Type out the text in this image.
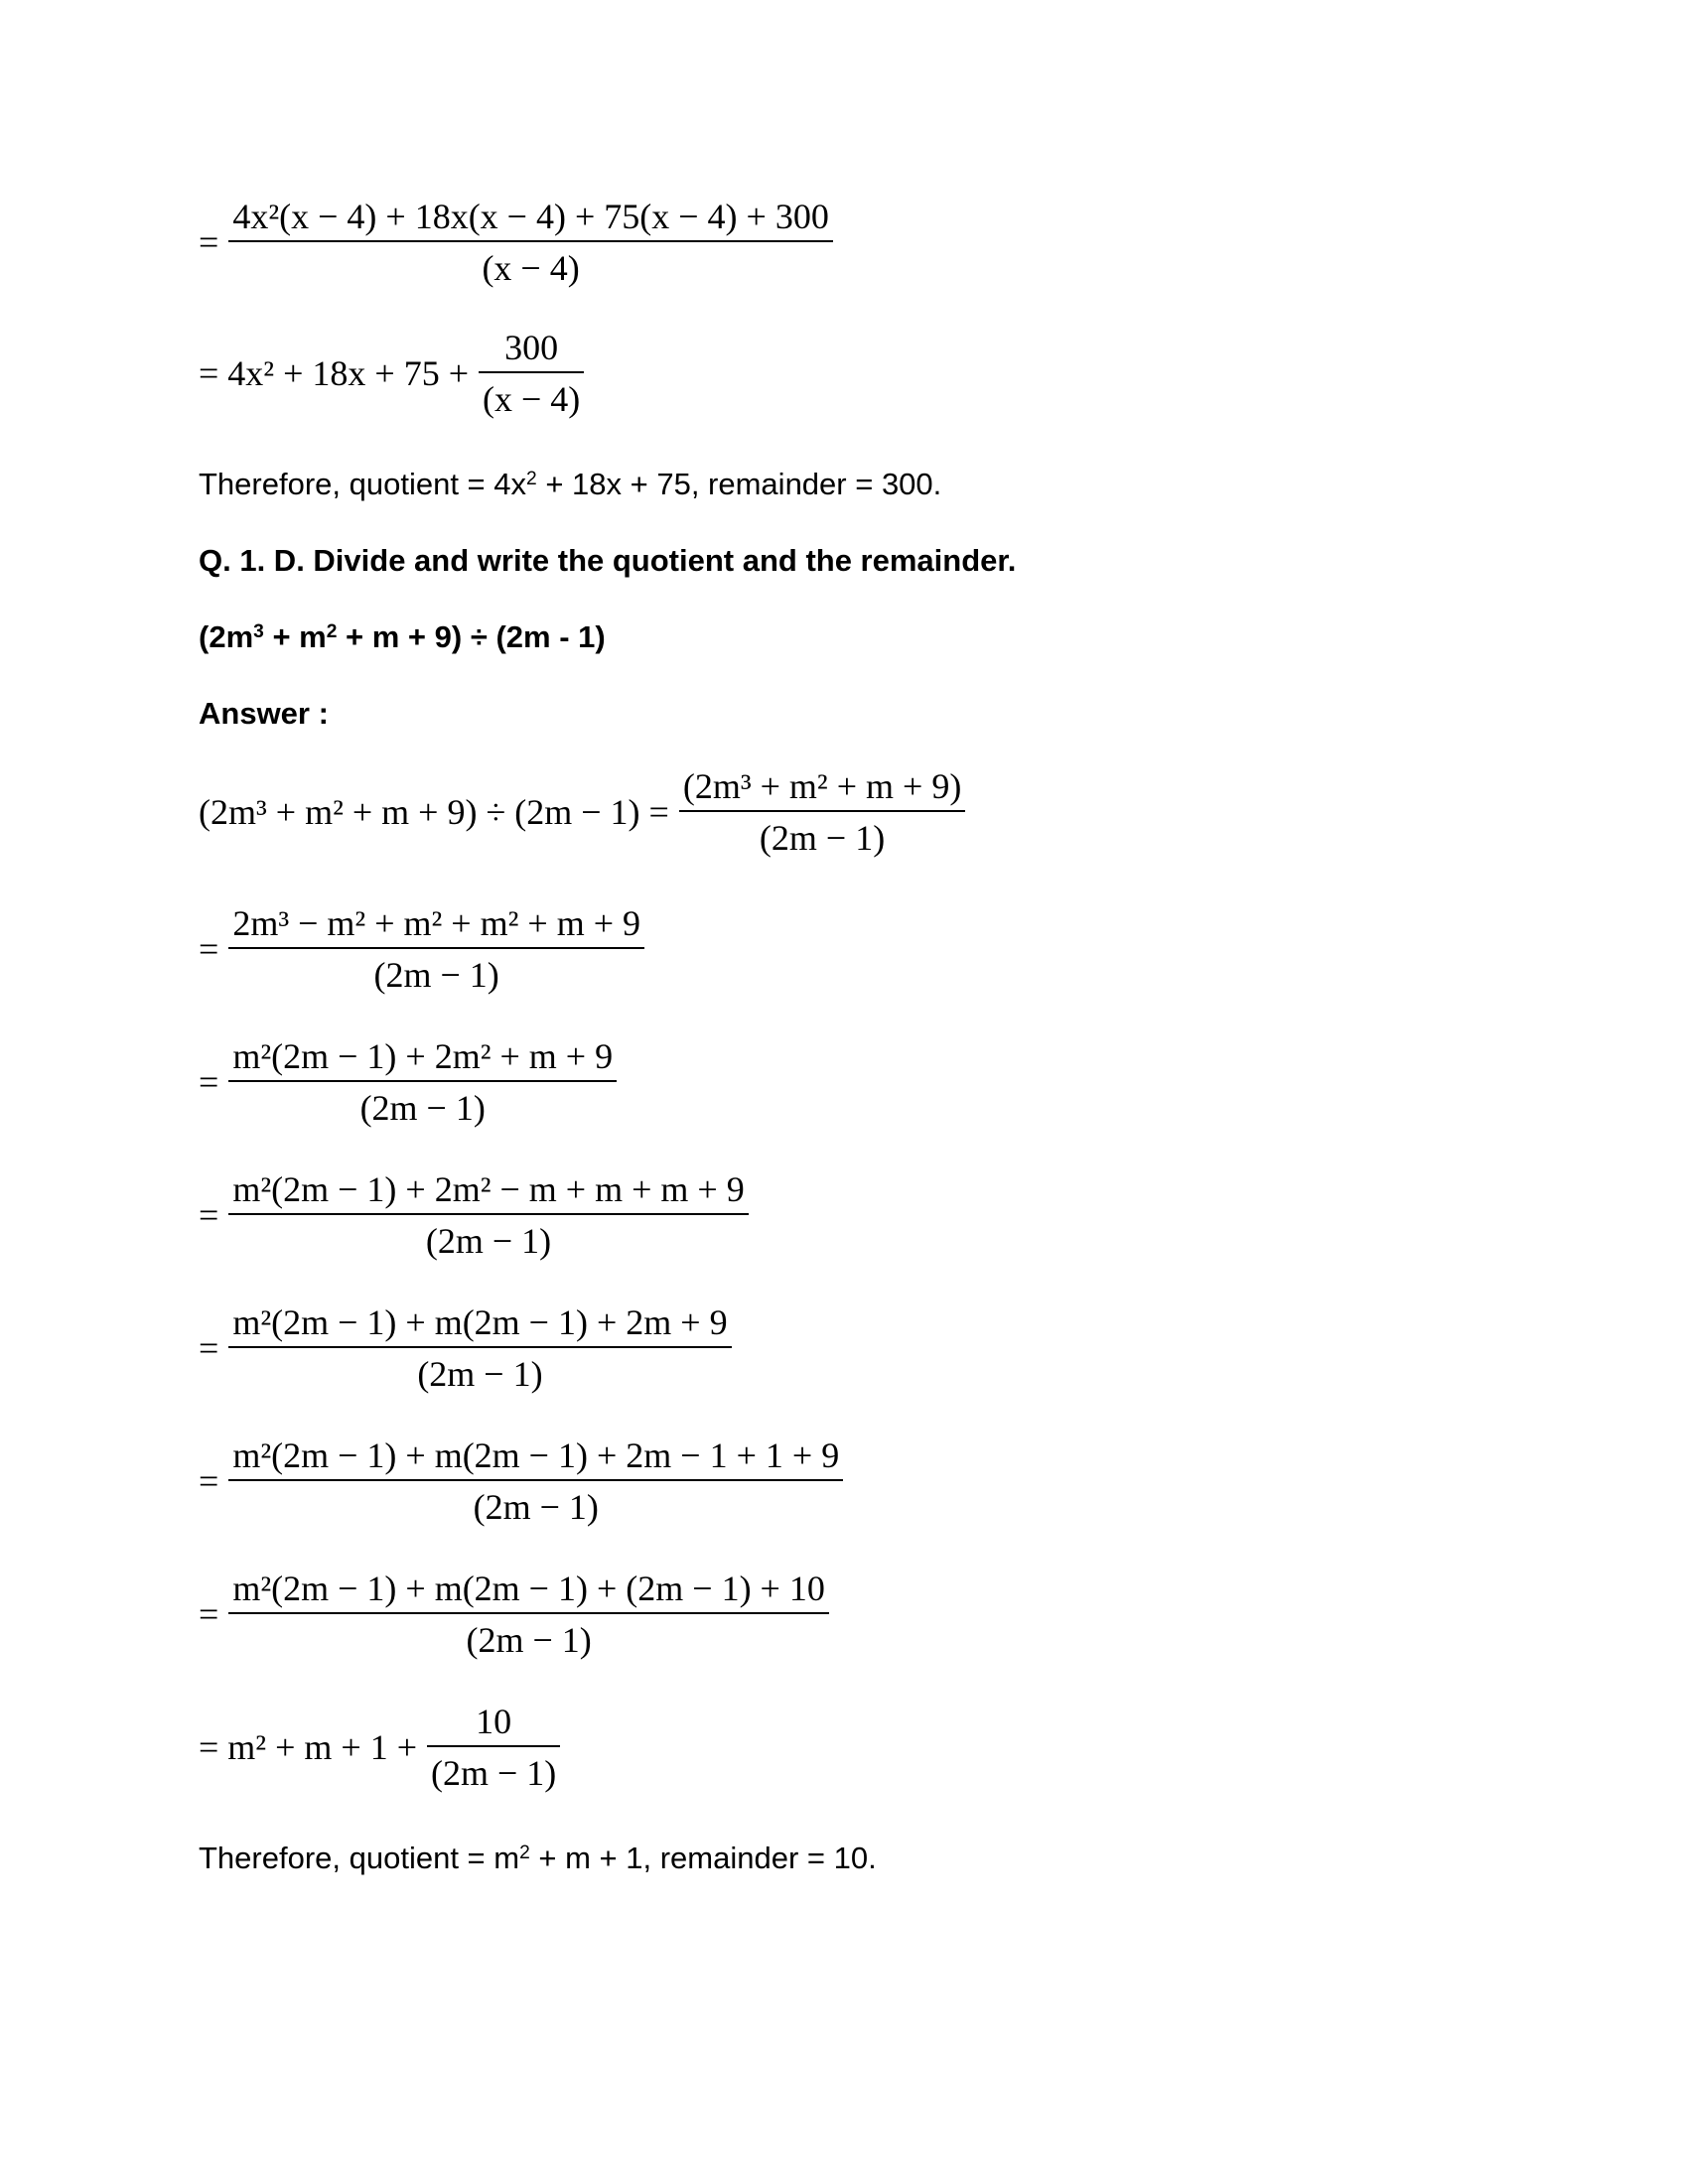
= $\frac{\text{4x²(x − 4) + 18x(x − 4) + 75(x − 4) + 300}}{(x - 4)}$
= $4x^2 + 18x + 75 + \frac{300}{(x - 4)}$
Therefore, quotient = $4x^2 + 18x + 75$, remainder = 300.
Q. 1. D. Divide and write the quotient and the remainder.
$(2m^3 + m^2 + m + 9) \div (2m - 1)$
Answer :
$(2m^3 + m^2 + m + 9) \div (2m - 1) = \frac{\text{(2m³ + m² + m + 9)}}{(2m - 1)}$
= $\frac{\text{2m³ − m² + m² + m² + m + 9}}{(2m - 1)}$
= $\frac{\text{m²(2m − 1) + 2m² + m + 9}}{(2m - 1)}$
= $\frac{\text{m²(2m − 1) + 2m² − m + m + m + 9}}{(2m - 1)}$
= $\frac{\text{m²(2m − 1) + m(2m − 1) + 2m + 9}}{(2m - 1)}$
= $\frac{\text{m²(2m − 1) + m(2m − 1) + 2m − 1 + 1 + 9}}{(2m - 1)}$
= $\frac{\text{m²(2m − 1) + m(2m − 1) + (2m − 1) + 10}}{(2m - 1)}$
= $m^2 + m + 1 + \frac{10}{(2m - 1)}$
Therefore, quotient = $m^2 + m + 1$, remainder = 10.
